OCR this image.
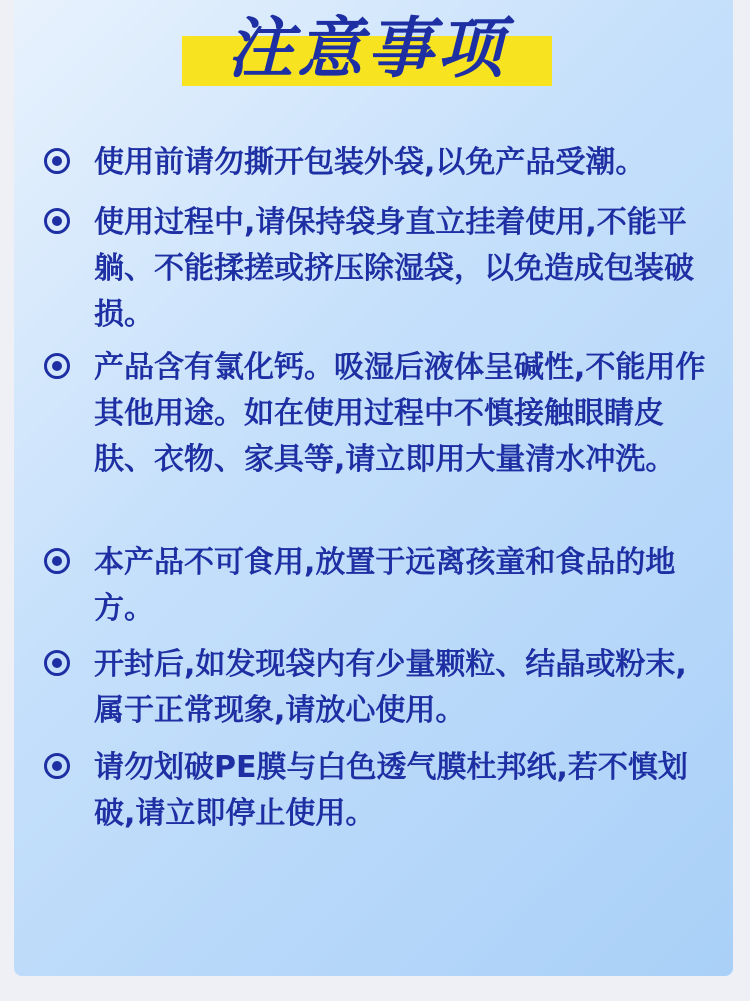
注意事项
使用前请勿撕开包装外袋,以免产品受潮。
使用过程中,请保持袋身直立挂着使用,不能平躺、不能揉搓或挤压除湿袋，以免造成包装破损。
产品含有氯化钙。吸湿后液体呈碱性,不能用作其他用途。如在使用过程中不慎接触眼睛皮肤、衣物、家具等,请立即用大量清水冲洗。
本产品不可食用,放置于远离孩童和食品的地方。
开封后,如发现袋内有少量颗粒、结晶或粉末,属于正常现象,请放心使用。
请勿划破PE膜与白色透气膜杜邦纸,若不慎划破,请立即停止使用。
